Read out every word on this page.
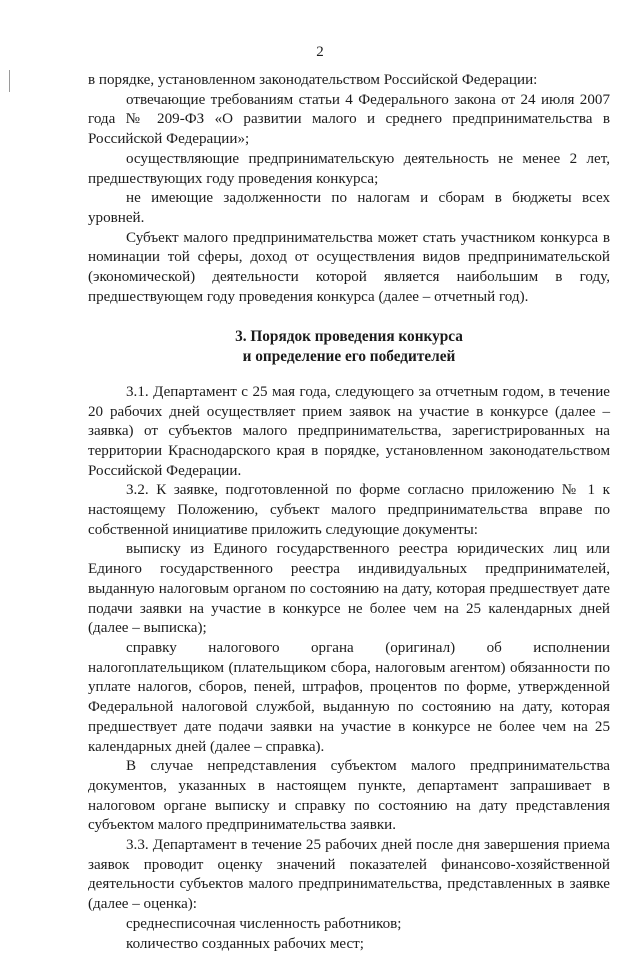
2

в порядке, установленном законодательством Российской Федерации:

отвечающие требованиям статьи 4 Федерального закона от 24 июля 2007 года № 209-ФЗ «О развитии малого и среднего предпринимательства в Российской Федерации»;

осуществляющие предпринимательскую деятельность не менее 2 лет, предшествующих году проведения конкурса;

не имеющие задолженности по налогам и сборам в бюджеты всех уровней.

Субъект малого предпринимательства может стать участником конкурса в номинации той сферы, доход от осуществления видов предпринимательской (экономической) деятельности которой является наибольшим в году, предшествующем году проведения конкурса (далее – отчетный год).

3. Порядок проведения конкурса
и определение его победителей

3.1. Департамент с 25 мая года, следующего за отчетным годом, в течение 20 рабочих дней осуществляет прием заявок на участие в конкурсе (далее – заявка) от субъектов малого предпринимательства, зарегистрированных на территории Краснодарского края в порядке, установленном законодательством Российской Федерации.

3.2. К заявке, подготовленной по форме согласно приложению № 1 к настоящему Положению, субъект малого предпринимательства вправе по собственной инициативе приложить следующие документы:

выписку из Единого государственного реестра юридических лиц или Единого государственного реестра индивидуальных предпринимателей, выданную налоговым органом по состоянию на дату, которая предшествует дате подачи заявки на участие в конкурсе не более чем на 25 календарных дней (далее – выписка);

справку налогового органа (оригинал) об исполнении налогоплательщиком (плательщиком сбора, налоговым агентом) обязанности по уплате налогов, сборов, пеней, штрафов, процентов по форме, утвержденной Федеральной налоговой службой, выданную по состоянию на дату, которая предшествует дате подачи заявки на участие в конкурсе не более чем на 25 календарных дней (далее – справка).

В случае непредставления субъектом малого предпринимательства документов, указанных в настоящем пункте, департамент запрашивает в налоговом органе выписку и справку по состоянию на дату представления субъектом малого предпринимательства заявки.

3.3. Департамент в течение 25 рабочих дней после дня завершения приема заявок проводит оценку значений показателей финансово-хозяйственной деятельности субъектов малого предпринимательства, представленных в заявке (далее – оценка):

среднесписочная численность работников;

количество созданных рабочих мест;
